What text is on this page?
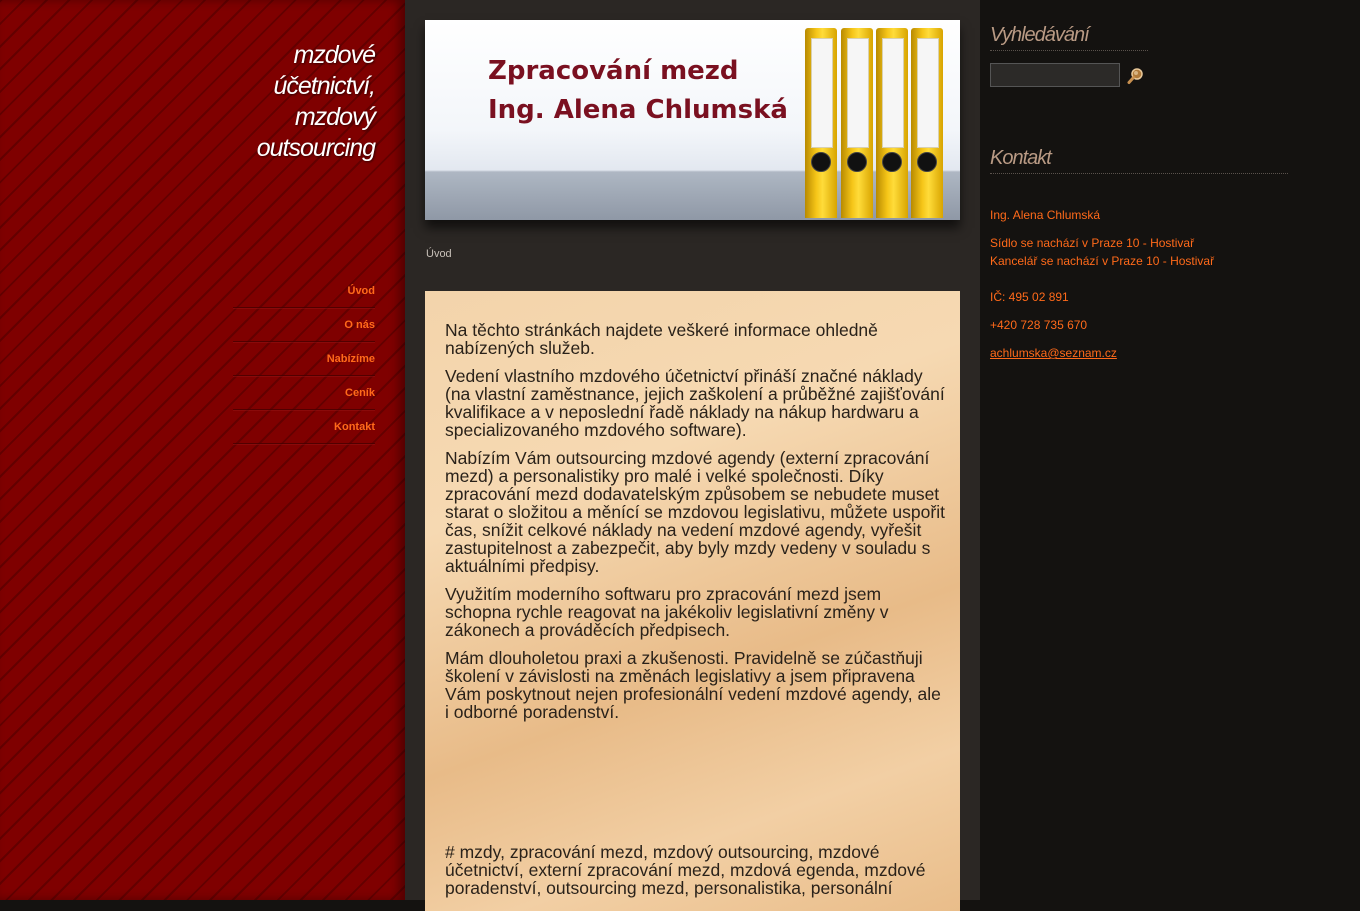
mzdové
účetnictví,
mzdový
outsourcing
Úvod
O nás
Nabízíme
Ceník
Kontakt
Zpracování mezd
Ing. Alena Chlumská
Úvod

Na těchto stránkách najdete veškeré informace ohledně nabízených služeb.

Vedení vlastního mzdového účetnictví přináší značné náklady (na vlastní zaměstnance, jejich zaškolení a průběžné zajišťování kvalifikace a v neposlední řadě náklady na nákup hardwaru a specializovaného mzdového software).

Nabízím Vám outsourcing mzdové agendy (externí zpracování mezd) a personalistiky pro malé i velké společnosti. Díky zpracování mezd dodavatelským způsobem se nebudete muset starat o složitou a měnící se mzdovou legislativu, můžete uspořit čas, snížit celkové náklady na vedení mzdové agendy, vyřešit zastupitelnost a zabezpečit, aby byly mzdy vedeny v souladu s aktuálními předpisy.

Využitím moderního softwaru pro zpracování mezd jsem schopna rychle reagovat na jakékoliv legislativní změny v zákonech a prováděcích předpisech.

Mám dlouholetou praxi a zkušenosti. Pravidelně se zúčastňuji školení v závislosti na změnách legislativy a jsem připravena Vám poskytnout nejen profesionální vedení mzdové agendy, ale i odborné poradenství.

# mzdy, zpracování mezd, mzdový outsourcing, mzdové účetnictví, externí zpracování mezd, mzdová egenda, mzdové poradenství, outsourcing mezd, personalistika, personální

Vyhledávání
Kontakt
Ing. Alena Chlumská
Sídlo se nachází v Praze 10 - Hostivař
Kancelář se nachází v Praze 10 - Hostivař
IČ: 495 02 891
+420 728 735 670
achlumska@seznam.cz
